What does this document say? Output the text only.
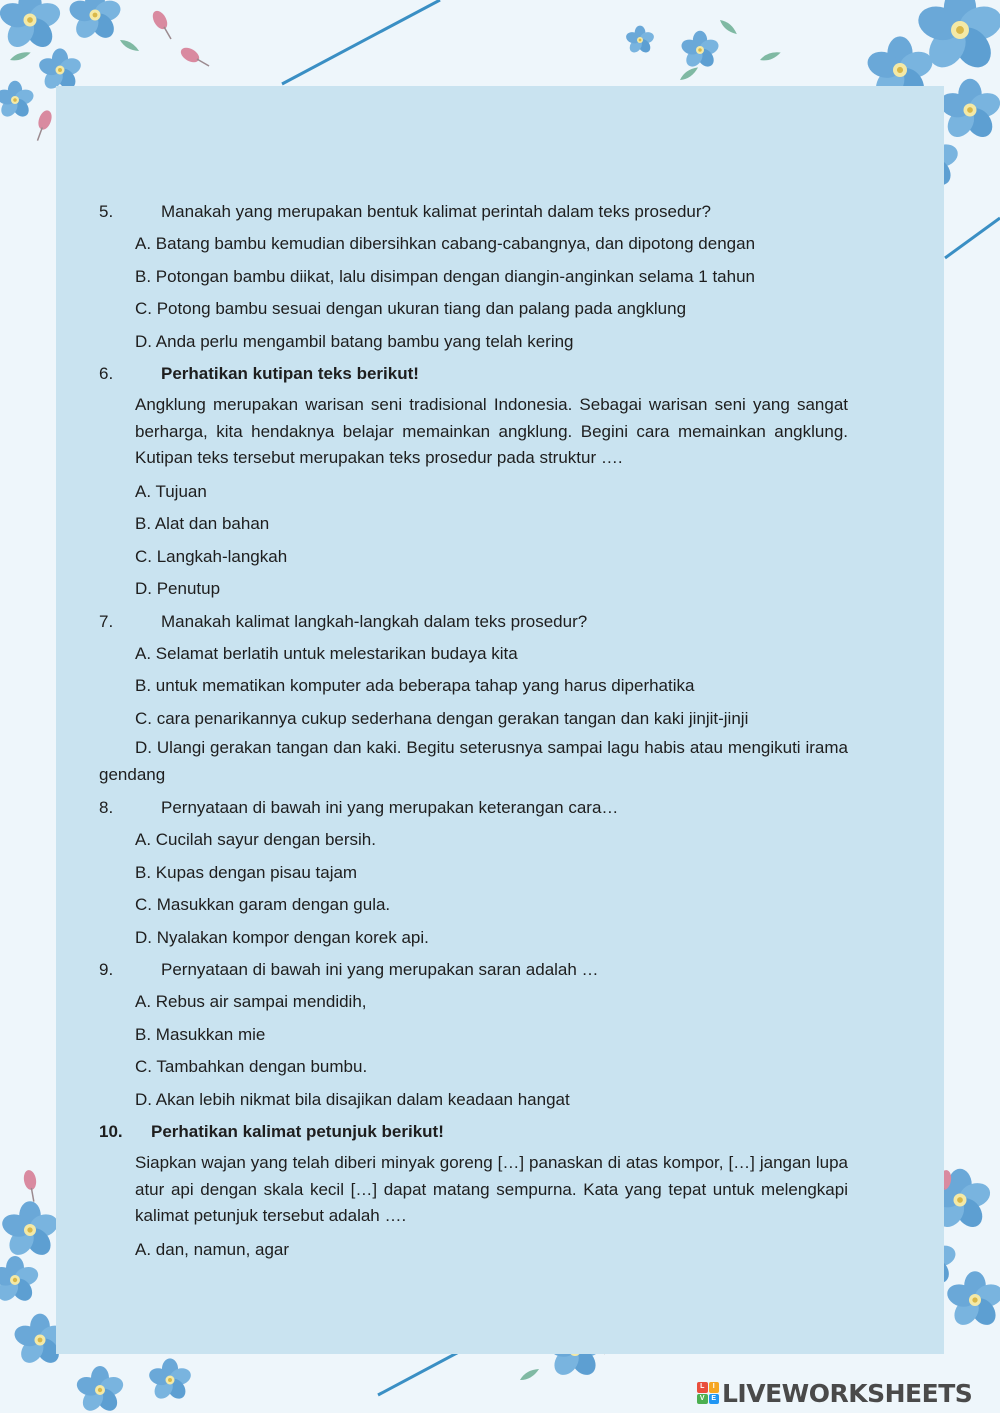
5.	Manakah yang merupakan bentuk kalimat perintah dalam teks prosedur?
A. Batang bambu kemudian dibersihkan cabang-cabangnya, dan dipotong dengan
B. Potongan bambu diikat, lalu disimpan dengan diangin-anginkan selama 1 tahun
C. Potong bambu sesuai dengan ukuran tiang dan palang pada angklung
D. Anda perlu mengambil batang bambu yang telah kering
6.	Perhatikan kutipan teks berikut!
Angklung merupakan warisan seni tradisional Indonesia. Sebagai warisan seni yang sangat berharga, kita hendaknya belajar memainkan angklung. Begini cara memainkan angklung. Kutipan teks tersebut merupakan teks prosedur pada struktur ….
A. Tujuan
B. Alat dan bahan
C. Langkah-langkah
D. Penutup
7.	Manakah kalimat langkah-langkah dalam teks prosedur?
A. Selamat berlatih untuk melestarikan budaya kita
B. untuk mematikan komputer ada beberapa tahap yang harus diperhatika
C. cara penarikannya cukup sederhana dengan gerakan tangan dan kaki jinjit-jinji
D. Ulangi gerakan tangan dan kaki. Begitu seterusnya sampai lagu habis atau mengikuti irama gendang
8.	Pernyataan di bawah ini yang merupakan keterangan cara…
A. Cucilah sayur dengan bersih.
B. Kupas dengan pisau tajam
C. Masukkan garam dengan gula.
D. Nyalakan kompor dengan korek api.
9.	Pernyataan di bawah ini yang merupakan saran adalah …
A. Rebus air sampai mendidih,
B. Masukkan mie
C. Tambahkan dengan bumbu.
D. Akan lebih nikmat bila disajikan dalam keadaan hangat
10.	Perhatikan kalimat petunjuk berikut!
Siapkan wajan yang telah diberi minyak goreng […] panaskan di atas kompor, […] jangan lupa atur api dengan skala kecil […] dapat matang sempurna. Kata yang tepat untuk melengkapi kalimat petunjuk tersebut adalah ….
A. dan, namun, agar
L	I
V E LIVEWORKSHEETS
